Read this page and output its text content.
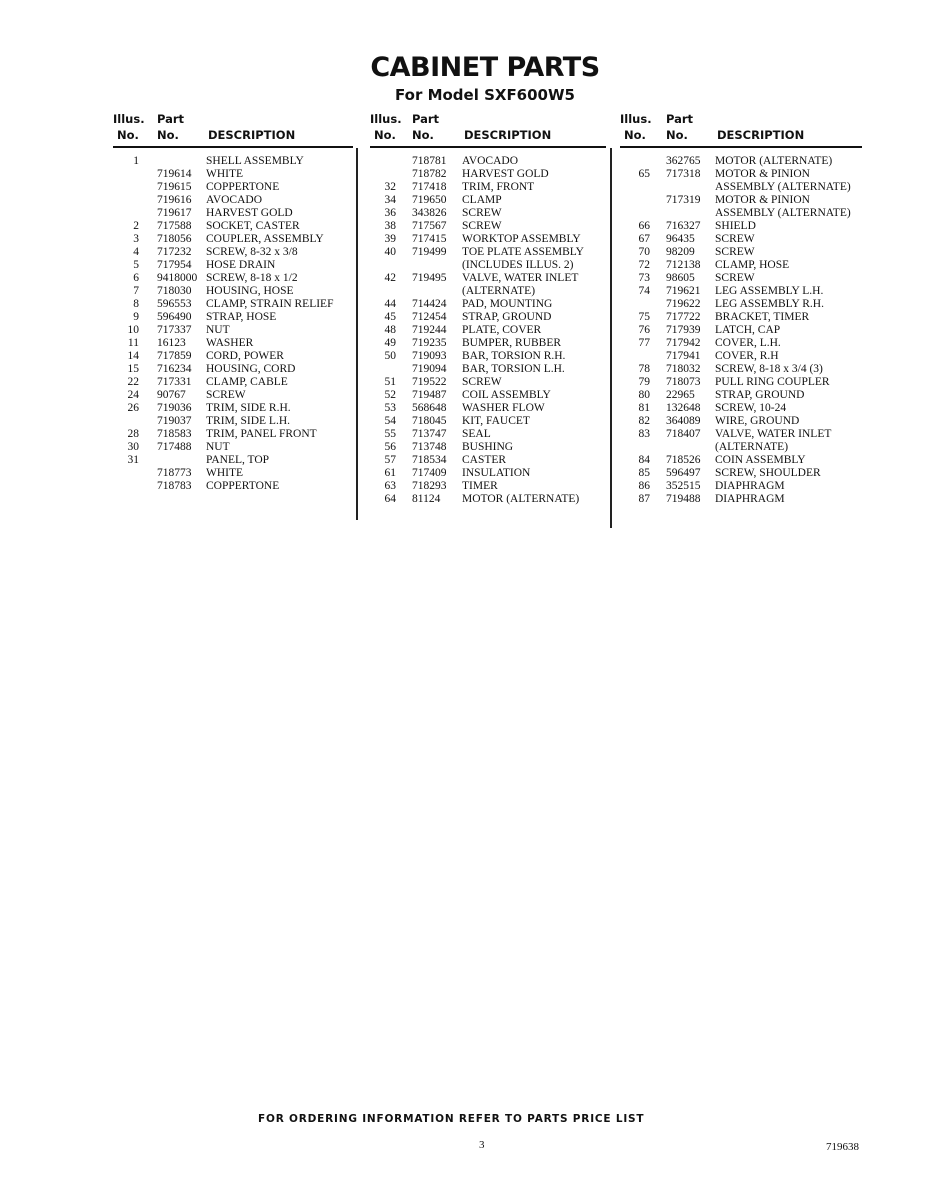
CABINET PARTS
For Model SXF600W5
Illus.
No.
Part
No.	DESCRIPTION
1	SHELL ASSEMBLY
719614 WHITE
719615 COPPERTONE
719616 AVOCADO
719617 HARVEST GOLD
2 717588 SOCKET, CASTER
3 718056 COUPLER, ASSEMBLY
4 717232 SCREW, 8-32 x 3/8
5 717954 HOSE DRAIN
6 9418000 SCREW, 8-18 x 1/2
7 718030 HOUSING, HOSE
8 596553 CLAMP, STRAIN RELIEF
9 596490 STRAP, HOSE
10 717337 NUT
11 16123 WASHER
14 717859 CORD, POWER
15 716234 HOUSING, CORD
22 717331 CLAMP, CABLE
24 90767 SCREW
26 719036 TRIM, SIDE R.H.
719037 TRIM, SIDE L.H.
28 718583 TRIM, PANEL FRONT
30 717488 NUT
31	PANEL, TOP
718773 WHITE
718783 COPPERTONE
Illus.
No.
Part
No.	DESCRIPTION
718781 AVOCADO
718782 HARVEST GOLD
32 717418 TRIM, FRONT
34 719650 CLAMP
36 343826 SCREW
38 717567 SCREW
39 717415 WORKTOP ASSEMBLY
40 719499 TOE PLATE ASSEMBLY
(INCLUDES ILLUS. 2)
42 719495 VALVE, WATER INLET
(ALTERNATE)
44 714424 PAD, MOUNTING
45 712454 STRAP, GROUND
48 719244 PLATE, COVER
49 719235 BUMPER, RUBBER
50 719093 BAR, TORSION R.H.
719094 BAR, TORSION L.H.
51 719522 SCREW
52 719487 COIL ASSEMBLY
53 568648 WASHER FLOW
54 718045 KIT, FAUCET
55 713747 SEAL
56 713748 BUSHING
57 718534 CASTER
61 717409 INSULATION
63 718293 TIMER
64 81124 MOTOR (ALTERNATE)
Illus.
No.
Part
No.	DESCRIPTION
362765 MOTOR (ALTERNATE)
65 717318 MOTOR & PINION
ASSEMBLY (ALTERNATE)
717319 MOTOR & PINION
ASSEMBLY (ALTERNATE)
66 716327 SHIELD
67 96435 SCREW
70 98209 SCREW
72 712138 CLAMP, HOSE
73 98605 SCREW
74 719621 LEG ASSEMBLY L.H.
719622 LEG ASSEMBLY R.H.
75 717722 BRACKET, TIMER
76 717939 LATCH, CAP
77 717942 COVER, L.H.
717941 COVER, R.H
78 718032 SCREW, 8-18 x 3/4 (3)
79 718073 PULL RING COUPLER
80 22965 STRAP, GROUND
81 132648 SCREW, 10-24
82 364089 WIRE, GROUND
83 718407 VALVE, WATER INLET
(ALTERNATE)
84 718526 COIN ASSEMBLY
85 596497 SCREW, SHOULDER
86 352515 DIAPHRAGM
87 719488 DIAPHRAGM
FOR ORDERING INFORMATION REFER TO PARTS PRICE LIST
3	719638
